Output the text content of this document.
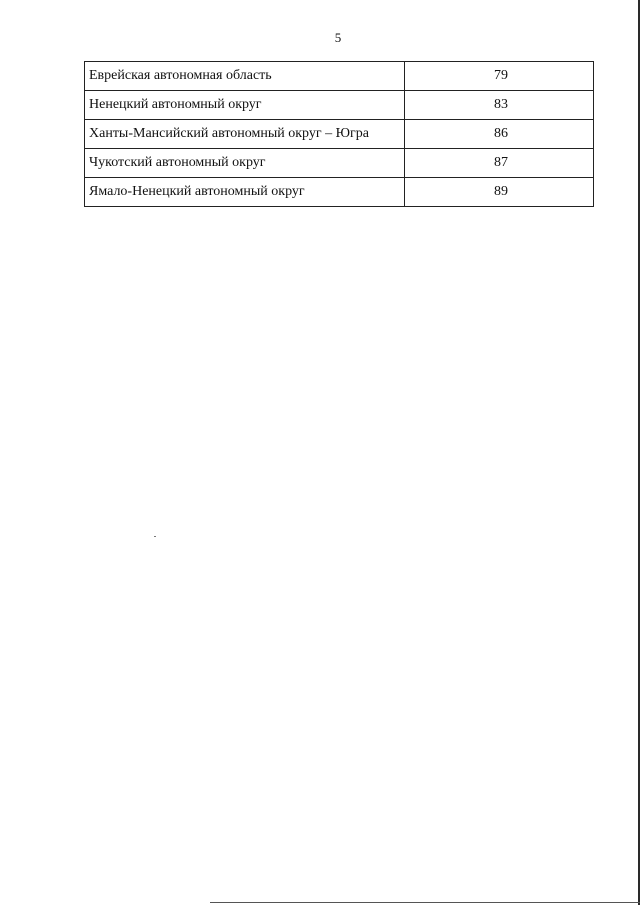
5
Еврейская автономная область	79
Ненецкий автономный округ	83
Ханты-Мансийский автономный округ – Югра	86
Чукотский автономный округ	87
Ямало-Ненецкий автономный округ	89
